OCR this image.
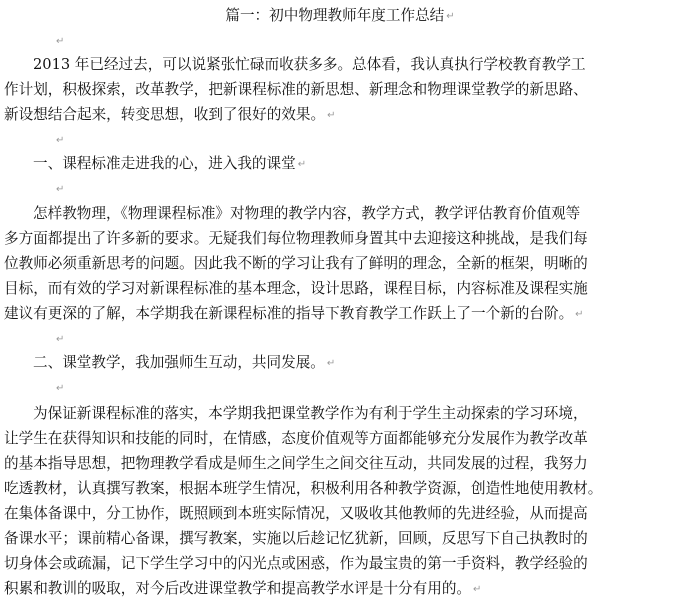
篇一：初中物理教师年度工作总结 ↵
↵
2013 年已经过去，可以说紧张忙碌而收获多多。总体看，我认真执行学校教育教学工
作计划，积极探索，改革教学，把新课程标准的新思想、新理念和物理课堂教学的新思路、
新设想结合起来，转变思想，收到了很好的效果。 ↵
↵
一、课程标准走进我的心，进入我的课堂 ↵
↵
怎样教物理，《物理课程标准》对物理的教学内容，教学方式，教学评估教育价值观等
多方面都提出了许多新的要求。无疑我们每位物理教师身置其中去迎接这种挑战，是我们每
位教师必须重新思考的问题。因此我不断的学习让我有了鲜明的理念，全新的框架，明晰的
目标，而有效的学习对新课程标准的基本理念，设计思路，课程目标，内容标准及课程实施
建议有更深的了解，本学期我在新课程标准的指导下教育教学工作跃上了一个新的台阶。 ↵
↵
二、课堂教学，我加强师生互动，共同发展。 ↵
↵
为保证新课程标准的落实，本学期我把课堂教学作为有利于学生主动探索的学习环境，
让学生在获得知识和技能的同时，在情感，态度价值观等方面都能够充分发展作为教学改革
的基本指导思想，把物理教学看成是师生之间学生之间交往互动，共同发展的过程，我努力
吃透教材，认真撰写教案，根据本班学生情况，积极利用各种教学资源，创造性地使用教材。
在集体备课中，分工协作，既照顾到本班实际情况，又吸收其他教师的先进经验，从而提高
备课水平；课前精心备课，撰写教案，实施以后趁记忆犹新，回顾，反思写下自己执教时的
切身体会或疏漏，记下学生学习中的闪光点或困惑，作为最宝贵的第一手资料，教学经验的
积累和教训的吸取，对今后改进课堂教学和提高教学水评是十分有用的。 ↵
